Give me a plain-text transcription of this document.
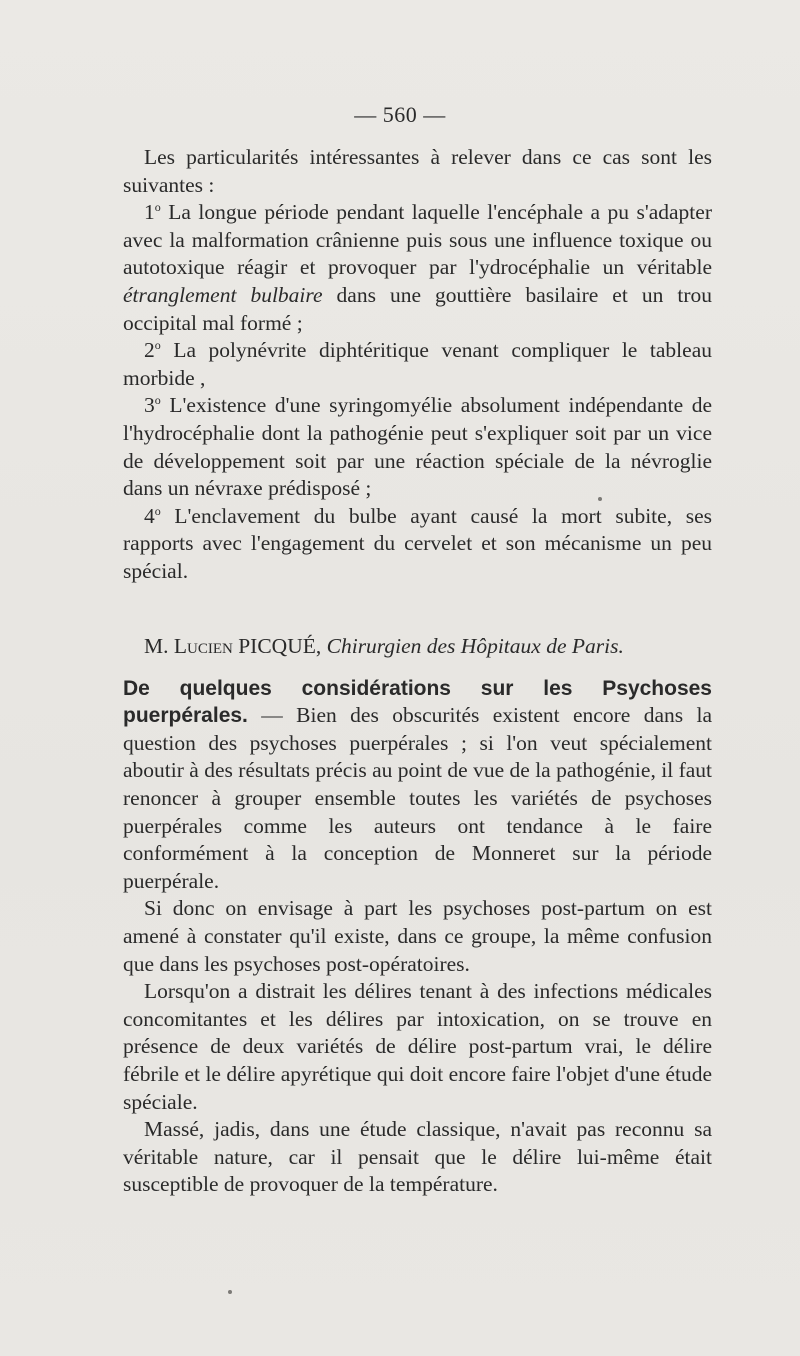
— 560 —

Les particularités intéressantes à relever dans ce cas sont les suivantes :

1$^o$ La longue période pendant laquelle l'encéphale a pu s'adapter avec la malformation crânienne puis sous une influence toxique ou autotoxique réagir et provoquer par l'ydrocéphalie un véritable étranglement bulbaire dans une gouttière basilaire et un trou occipital mal formé ;

2$^o$ La polynévrite diphtéritique venant compliquer le tableau morbide ,

3$^o$ L'existence d'une syringomyélie absolument indépendante de l'hydrocéphalie dont la pathogénie peut s'expliquer soit par un vice de développement soit par une réaction spéciale de la névroglie dans un névraxe prédisposé ;

4$^o$ L'enclavement du bulbe ayant causé la mort subite, ses rapports avec l'engagement du cervelet et son mécanisme un peu spécial.

M. Lucien PICQUÉ, Chirurgien des Hôpitaux de Paris.

De quelques considérations sur les Psychoses puerpérales. — Bien des obscurités existent encore dans la question des psychoses puerpérales ; si l'on veut spécialement aboutir à des résultats précis au point de vue de la pathogénie, il faut renoncer à grouper ensemble toutes les variétés de psychoses puerpérales comme les auteurs ont tendance à le faire conformément à la conception de Monneret sur la période puerpérale.

Si donc on envisage à part les psychoses post-partum on est amené à constater qu'il existe, dans ce groupe, la même confusion que dans les psychoses post-opératoires.

Lorsqu'on a distrait les délires tenant à des infections médicales concomitantes et les délires par intoxication, on se trouve en présence de deux variétés de délire post-partum vrai, le délire fébrile et le délire apyrétique qui doit encore faire l'objet d'une étude spéciale.

Massé, jadis, dans une étude classique, n'avait pas reconnu sa véritable nature, car il pensait que le délire lui-même était susceptible de provoquer de la température.
